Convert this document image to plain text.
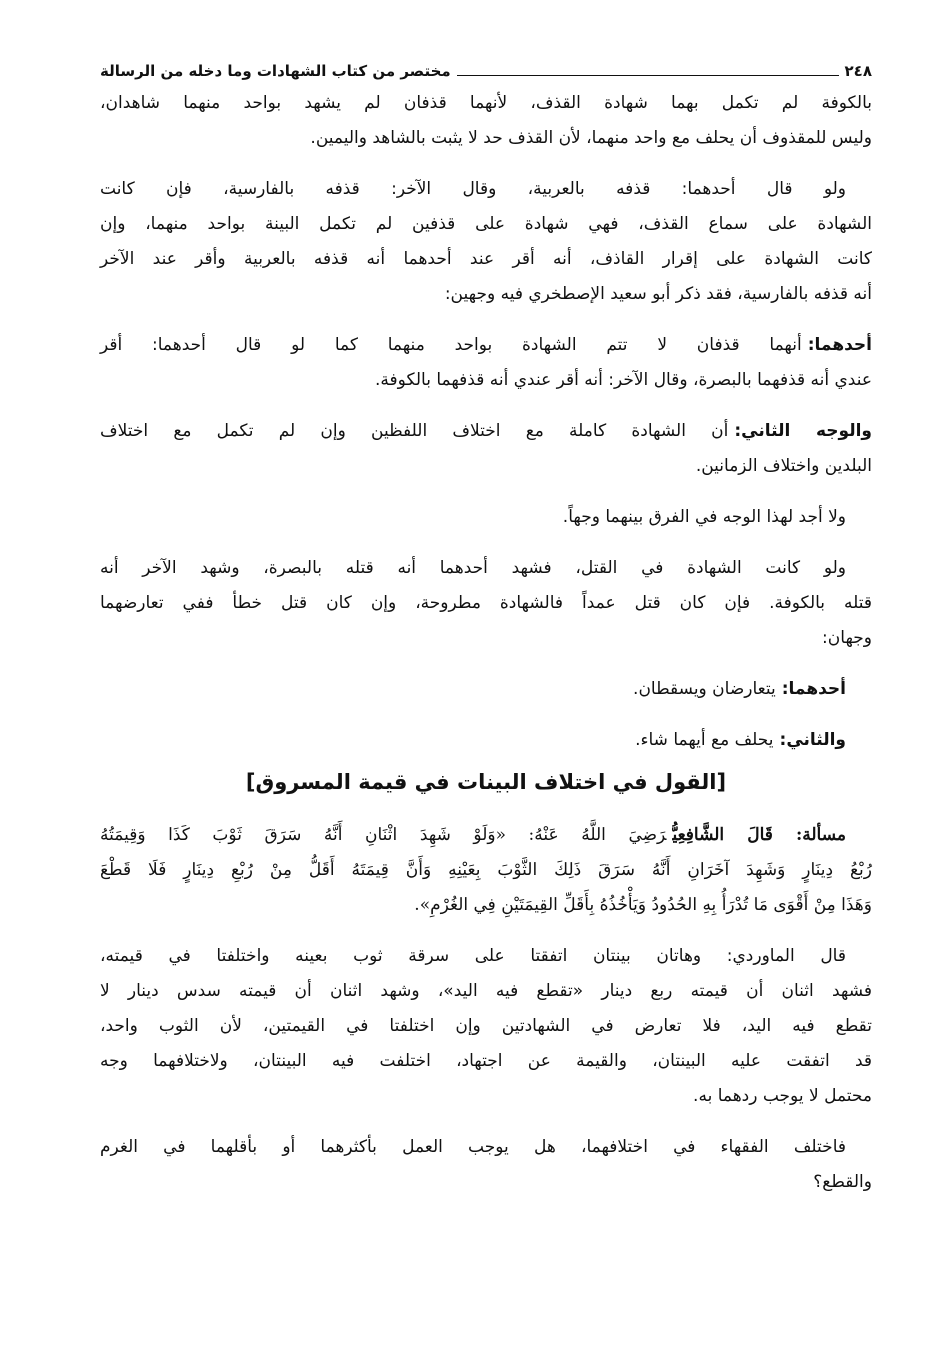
٢٤٨
مختصر من كتاب الشهادات وما دخله من الرسالة
بالكوفة لم تكمل بهما شهادة القذف، لأنهما قذفان لم يشهد بواحد منهما شاهدان،
وليس للمقذوف أن يحلف مع واحد منهما، لأن القذف حد لا يثبت بالشاهد واليمين.
ولو قال أحدهما: قذفه بالعربية، وقال الآخر: قذفه بالفارسية، فإن كانت
الشهادة على سماع القذف، فهي شهادة على قذفين لم تكمل البينة بواحد منهما، وإن
كانت الشهادة على إقرار القاذف، أنه أقر عند أحدهما أنه قذفه بالعربية وأقر عند الآخر
أنه قذفه بالفارسية، فقد ذكر أبو سعيد الإصطخري فيه وجهين:
أحدهما:أنهما قذفان لا تتم الشهادة بواحد منهما كما لو قال أحدهما: أقر
عندي أنه قذفهما بالبصرة، وقال الآخر: أنه أقر عندي أنه قذفهما بالكوفة.
والوجه الثاني:أن الشهادة كاملة مع اختلاف اللفظين وإن لم تكمل مع اختلاف
البلدين واختلاف الزمانين.
ولا أجد لهذا الوجه في الفرق بينهما وجهاً.
ولو كانت الشهادة في القتل، فشهد أحدهما أنه قتله بالبصرة، وشهد الآخر أنه
قتله بالكوفة. فإن كان قتل عمداً فالشهادة مطروحة، وإن كان قتل خطأ ففي تعارضهما
وجهان:
أحدهما:يتعارضان ويسقطان.
والثاني:يحلف مع أيهما شاء.
[القول في اختلاف البينات في قيمة المسروق]
مسألة: قَالَ الشَّافِعِيُّرَضِيَ اللَّهُ عَنْهُ: «وَلَوْ شَهِدَ اثْنَانِ أَنَّهُ سَرَقَ ثَوْبَ كَذَا وَقِيمَتُهُ
رُبْعُ دِينَارٍ وَشَهِدَ آخَرَانِ أَنَّهُ سَرَقَ ذَلِكَ الثَّوْبَ بِعَيْنِهِ وَأَنَّ قِيمَتَهُ أَقَلُّ مِنْ رُبْعِ دِينَارٍ فَلَا قَطْعَ
وَهَذَا مِنْ أَقْوَى مَا تُدْرَأُ بِهِ الحُدُودُ وَيَأْخُذُهُ بِأَقَلِّ القِيمَتَيْنِ فِي الغُرْمِ».
قال الماوردي: وهاتان بينتان اتفقتا على سرقة ثوب بعينه واختلفتا في قيمته،
فشهد اثنان أن قيمته ربع دينار «تقطع فيه اليد»، وشهد اثنان أن قيمته سدس دينار لا
تقطع فيه اليد، فلا تعارض في الشهادتين وإن اختلفتا في القيمتين، لأن الثوب واحد،
قد اتفقت عليه البينتان، والقيمة عن اجتهاد، اختلفت فيه البينتان، ولاختلافهما وجه
محتمل لا يوجب ردهما به.
فاختلف الفقهاء في اختلافهما، هل يوجب العمل بأكثرهما أو بأقلهما في الغرم
والقطع؟
